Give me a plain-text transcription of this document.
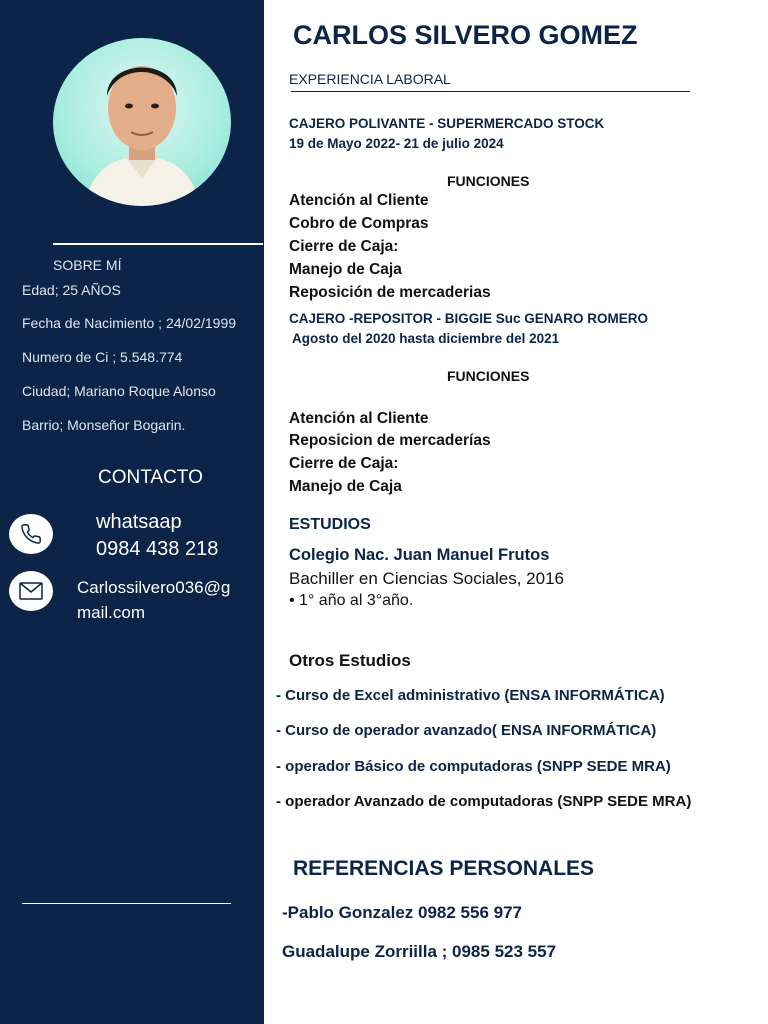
SOBRE MÍ
Edad; 25 AÑOS
Fecha de Nacimiento ; 24/02/1999
Numero de Ci ; 5.548.774
Ciudad; Mariano Roque Alonso
Barrio; Monseñor Bogarin.
CONTACTO
whatsaap
0984 438 218
Carlossilvero036@g
mail.com
CARLOS SILVERO GOMEZ
EXPERIENCIA LABORAL
CAJERO POLIVANTE - SUPERMERCADO STOCK
19 de Mayo 2022- 21 de julio 2024
FUNCIONES
Atención al Cliente
Cobro de Compras
Cierre de Caja:
Manejo de Caja
Reposición de mercaderias
CAJERO -REPOSITOR - BIGGIE Suc GENARO ROMERO
Agosto del 2020 hasta diciembre del 2021
FUNCIONES
Atención al Cliente
Reposicion de mercaderías
Cierre de Caja:
Manejo de Caja
ESTUDIOS
Colegio Nac. Juan Manuel Frutos
Bachiller en Ciencias Sociales, 2016
• 1° año al 3°año.
Otros Estudios
- Curso de Excel administrativo (ENSA INFORMÁTICA)
- Curso de operador avanzado( ENSA INFORMÁTICA)
- operador Básico de computadoras (SNPP SEDE MRA)
- operador Avanzado de computadoras (SNPP SEDE MRA)
REFERENCIAS PERSONALES
-Pablo Gonzalez 0982 556 977
Guadalupe Zorriilla ; 0985 523 557
